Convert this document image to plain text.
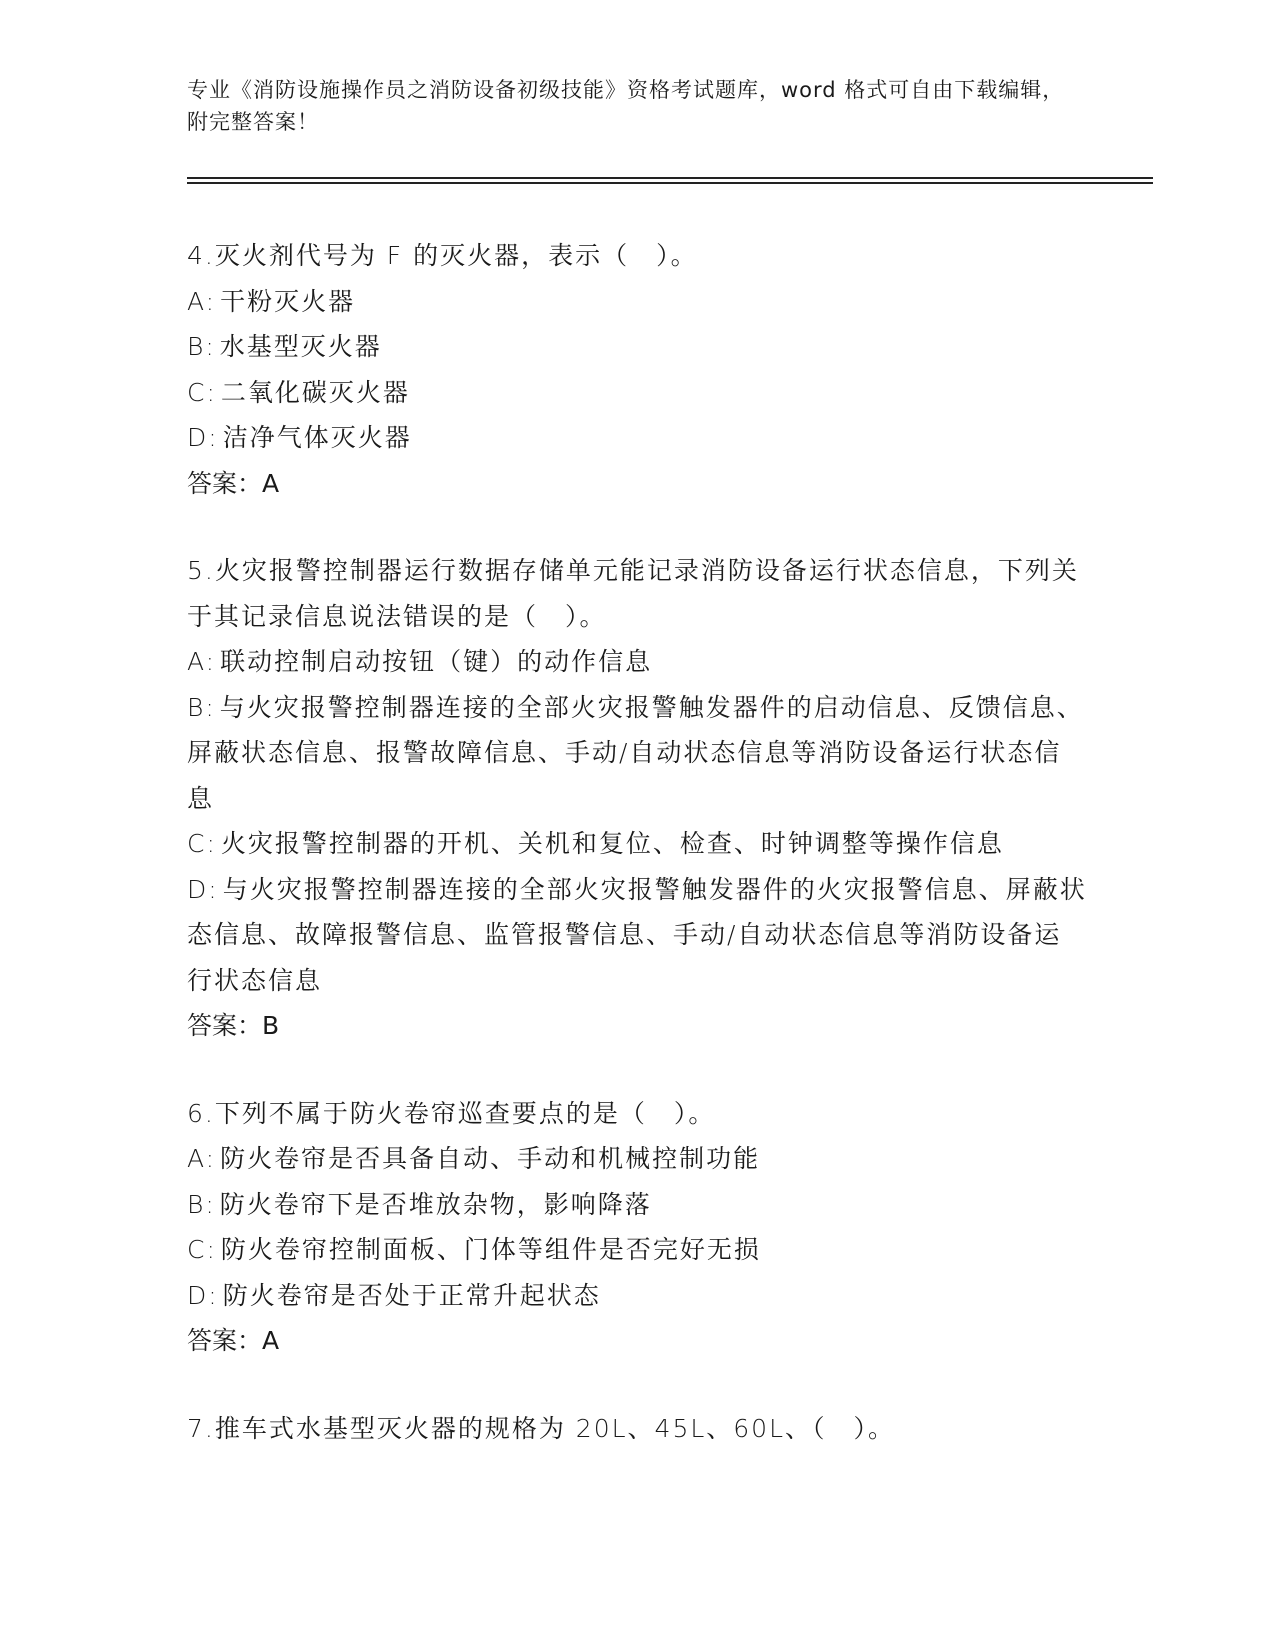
专业《消防设施操作员之消防设备初级技能》资格考试题库，word 格式可自由下载编辑，附完整答案！

4.灭火剂代号为 F 的灭火器，表示（　）。

A: 干粉灭火器

B: 水基型灭火器

C: 二氧化碳灭火器

D: 洁净气体灭火器

答案：A

5.火灾报警控制器运行数据存储单元能记录消防设备运行状态信息，下列关于其记录信息说法错误的是（　）。

A: 联动控制启动按钮（键）的动作信息

B: 与火灾报警控制器连接的全部火灾报警触发器件的启动信息、反馈信息、屏蔽状态信息、报警故障信息、手动/自动状态信息等消防设备运行状态信息

C: 火灾报警控制器的开机、关机和复位、检查、时钟调整等操作信息

D: 与火灾报警控制器连接的全部火灾报警触发器件的火灾报警信息、屏蔽状态信息、故障报警信息、监管报警信息、手动/自动状态信息等消防设备运行状态信息

答案：B

6.下列不属于防火卷帘巡查要点的是（　）。

A: 防火卷帘是否具备自动、手动和机械控制功能

B: 防火卷帘下是否堆放杂物，影响降落

C: 防火卷帘控制面板、门体等组件是否完好无损

D: 防火卷帘是否处于正常升起状态

答案：A

7.推车式水基型灭火器的规格为 20L、45L、60L、（　）。
